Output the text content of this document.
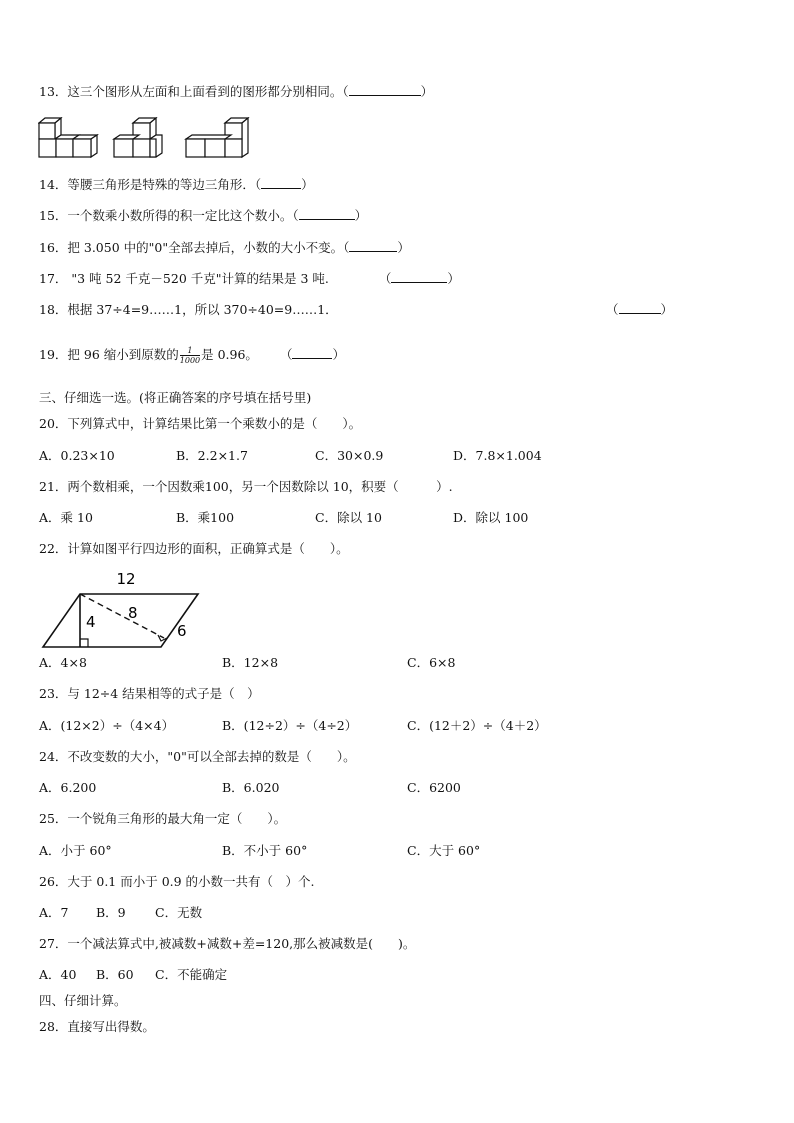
13．这三个图形从左面和上面看到的图形都分别相同。（	）
14．等腰三角形是特殊的等边三角形．（	）
15．一个数乘小数所得的积一定比这个数小。（	）
16．把 3.050 中的"0"全部去掉后，小数的大小不变。（	）
17． "3 吨 52 千克－520 千克"计算的结果是 3 吨.	（	）
18．根据 37÷4=9……1，所以 370÷40=9……1．	（	）
19．把 96 缩小到原数的 $\frac{1}{1000}$ 是 0.96。 （	）
三、仔细选一选。(将正确答案的序号填在括号里)
20．下列算式中，计算结果比第一个乘数小的是（　　）。
A．0.23×10	B．2.2×1.7	C．30×0.9	D．7.8×1.004
21．两个数相乘，一个因数乘100，另一个因数除以 10，积要（　　　）.
A．乘 10	B．乘100	C．除以 10	D．除以 100
22．计算如图平行四边形的面积，正确算式是（　　）。
12
4 8
6
A．4×8	B．12×8	C．6×8
23．与 12÷4 结果相等的式子是（　）
A．(12×2）÷（4×4）	B．(12÷2）÷（4÷2）	C．(12＋2）÷（4＋2）
24．不改变数的大小，"0"可以全部去掉的数是（　　）。
A．6.200	B．6.020	C．6200
25．一个锐角三角形的最大角一定（　　）。
A．小于 60°	B．不小于 60°	C．大于 60°
26．大于 0.1 而小于 0.9 的小数一共有（　）个.
A．7 B．9 C．无数
27．一个减法算式中,被减数+减数+差=120,那么被减数是(　　)。
A．40 B．60 C．不能确定
四、仔细计算。
28．直接写出得数。
